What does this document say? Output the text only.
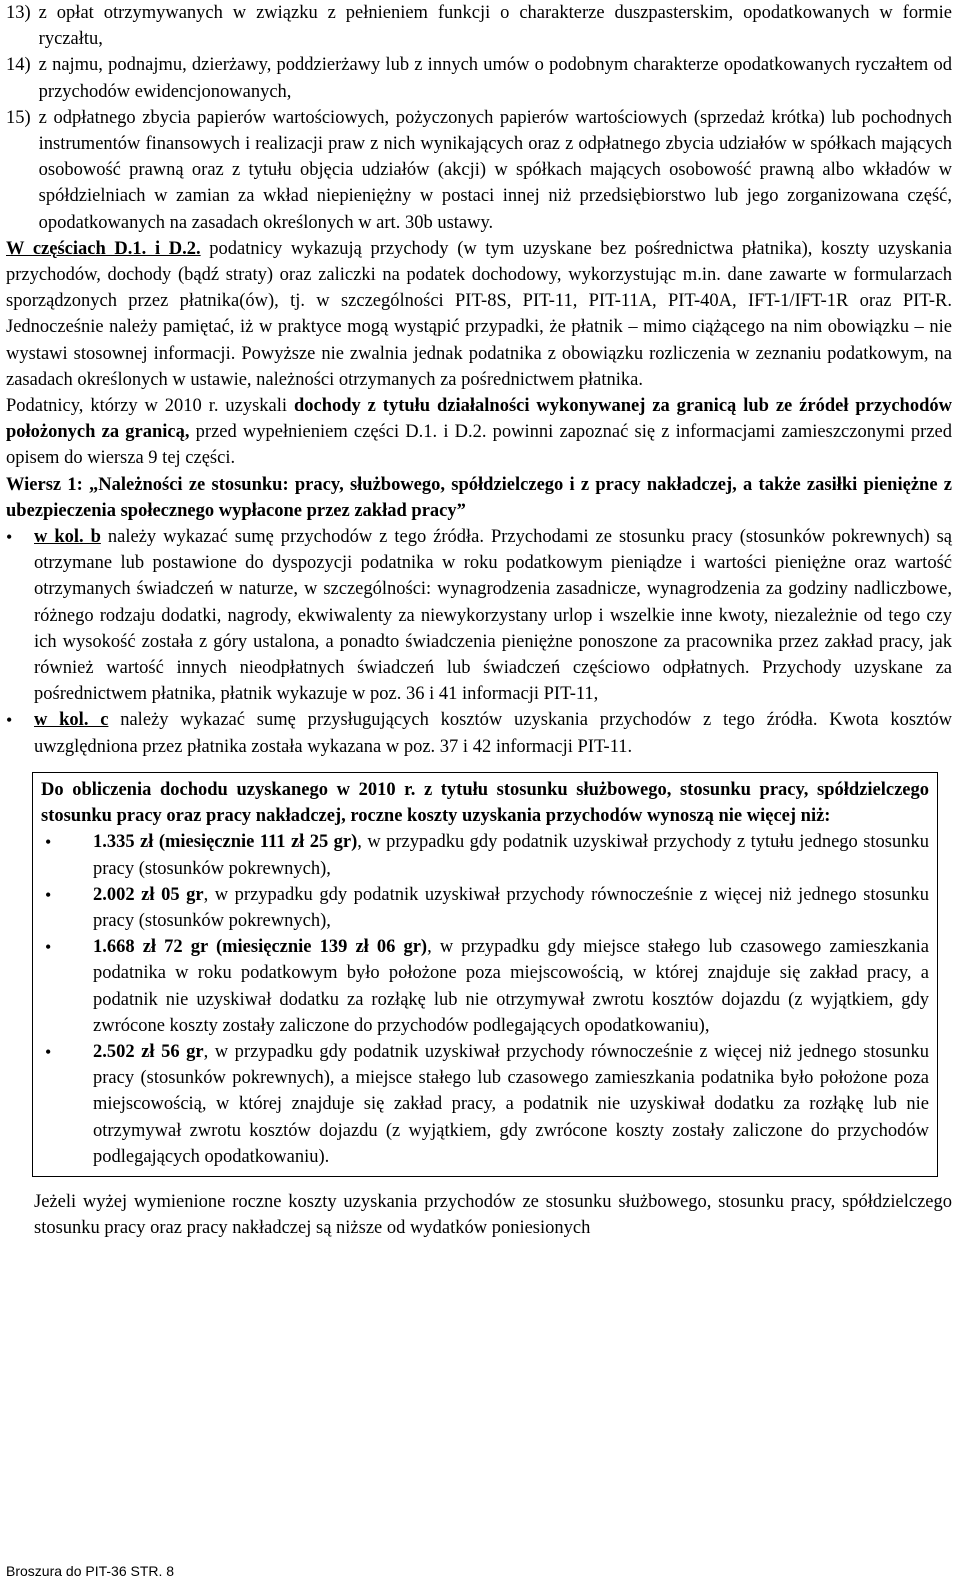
13) z opłat otrzymywanych w związku z pełnieniem funkcji o charakterze duszpasterskim, opodatkowanych w formie ryczałtu,
14) z najmu, podnajmu, dzierżawy, poddzierżawy lub z innych umów o podobnym charakterze opodatkowanych ryczałtem od przychodów ewidencjonowanych,
15) z odpłatnego zbycia papierów wartościowych, pożyczonych papierów wartościowych (sprzedaż krótka) lub pochodnych instrumentów finansowych i realizacji praw z nich wynikających oraz z odpłatnego zbycia udziałów w spółkach mających osobowość prawną oraz z tytułu objęcia udziałów (akcji) w spółkach mających osobowość prawną albo wkładów w spółdzielniach w zamian za wkład niepieniężny w postaci innej niż przedsiębiorstwo lub jego zorganizowana część, opodatkowanych na zasadach określonych w art. 30b ustawy.

W częściach D.1. i D.2. podatnicy wykazują przychody (w tym uzyskane bez pośrednictwa płatnika), koszty uzyskania przychodów, dochody (bądź straty) oraz zaliczki na podatek dochodowy, wykorzystując m.in. dane zawarte w formularzach sporządzonych przez płatnika(ów), tj. w szczególności PIT-8S, PIT-11, PIT-11A, PIT-40A, IFT-1/IFT-1R oraz PIT-R. Jednocześnie należy pamiętać, iż w praktyce mogą wystąpić przypadki, że płatnik – mimo ciążącego na nim obowiązku – nie wystawi stosownej informacji. Powyższe nie zwalnia jednak podatnika z obowiązku rozliczenia w zeznaniu podatkowym, na zasadach określonych w ustawie, należności otrzymanych za pośrednictwem płatnika.

Podatnicy, którzy w 2010 r. uzyskali dochody z tytułu działalności wykonywanej za granicą lub ze źródeł przychodów położonych za granicą, przed wypełnieniem części D.1. i D.2. powinni zapoznać się z informacjami zamieszczonymi przed opisem do wiersza 9 tej części.

Wiersz 1: „Należności ze stosunku: pracy, służbowego, spółdzielczego i z pracy nakładczej, a także zasiłki pieniężne z ubezpieczenia społecznego wypłacone przez zakład pracy”

• w kol. b należy wykazać sumę przychodów z tego źródła. Przychodami ze stosunku pracy (stosunków pokrewnych) są otrzymane lub postawione do dyspozycji podatnika w roku podatkowym pieniądze i wartości pieniężne oraz wartość otrzymanych świadczeń w naturze, w szczególności: wynagrodzenia zasadnicze, wynagrodzenia za godziny nadliczbowe, różnego rodzaju dodatki, nagrody, ekwiwalenty za niewykorzystany urlop i wszelkie inne kwoty, niezależnie od tego czy ich wysokość została z góry ustalona, a ponadto świadczenia pieniężne ponoszone za pracownika przez zakład pracy, jak również wartość innych nieodpłatnych świadczeń lub świadczeń częściowo odpłatnych. Przychody uzyskane za pośrednictwem płatnika, płatnik wykazuje w poz. 36 i 41 informacji PIT-11,
• w kol. c należy wykazać sumę przysługujących kosztów uzyskania przychodów z tego źródła. Kwota kosztów uwzględniona przez płatnika została wykazana w poz. 37 i 42 informacji PIT-11.

Do obliczenia dochodu uzyskanego w 2010 r. z tytułu stosunku służbowego, stosunku pracy, spółdzielczego stosunku pracy oraz pracy nakładczej, roczne koszty uzyskania przychodów wynoszą nie więcej niż:

• 1.335 zł (miesięcznie 111 zł 25 gr), w przypadku gdy podatnik uzyskiwał przychody z tytułu jednego stosunku pracy (stosunków pokrewnych),
• 2.002 zł 05 gr, w przypadku gdy podatnik uzyskiwał przychody równocześnie z więcej niż jednego stosunku pracy (stosunków pokrewnych),
• 1.668 zł 72 gr (miesięcznie 139 zł 06 gr), w przypadku gdy miejsce stałego lub czasowego zamieszkania podatnika w roku podatkowym było położone poza miejscowością, w której znajduje się zakład pracy, a podatnik nie uzyskiwał dodatku za rozłąkę lub nie otrzymywał zwrotu kosztów dojazdu (z wyjątkiem, gdy zwrócone koszty zostały zaliczone do przychodów podlegających opodatkowaniu),
• 2.502 zł 56 gr, w przypadku gdy podatnik uzyskiwał przychody równocześnie z więcej niż jednego stosunku pracy (stosunków pokrewnych), a miejsce stałego lub czasowego zamieszkania podatnika było położone poza miejscowością, w której znajduje się zakład pracy, a podatnik nie uzyskiwał dodatku za rozłąkę lub nie otrzymywał zwrotu kosztów dojazdu (z wyjątkiem, gdy zwrócone koszty zostały zaliczone do przychodów podlegających opodatkowaniu).

Jeżeli wyżej wymienione roczne koszty uzyskania przychodów ze stosunku służbowego, stosunku pracy, spółdzielczego stosunku pracy oraz pracy nakładczej są niższe od wydatków poniesionych

Broszura do PIT-36 STR. 8
